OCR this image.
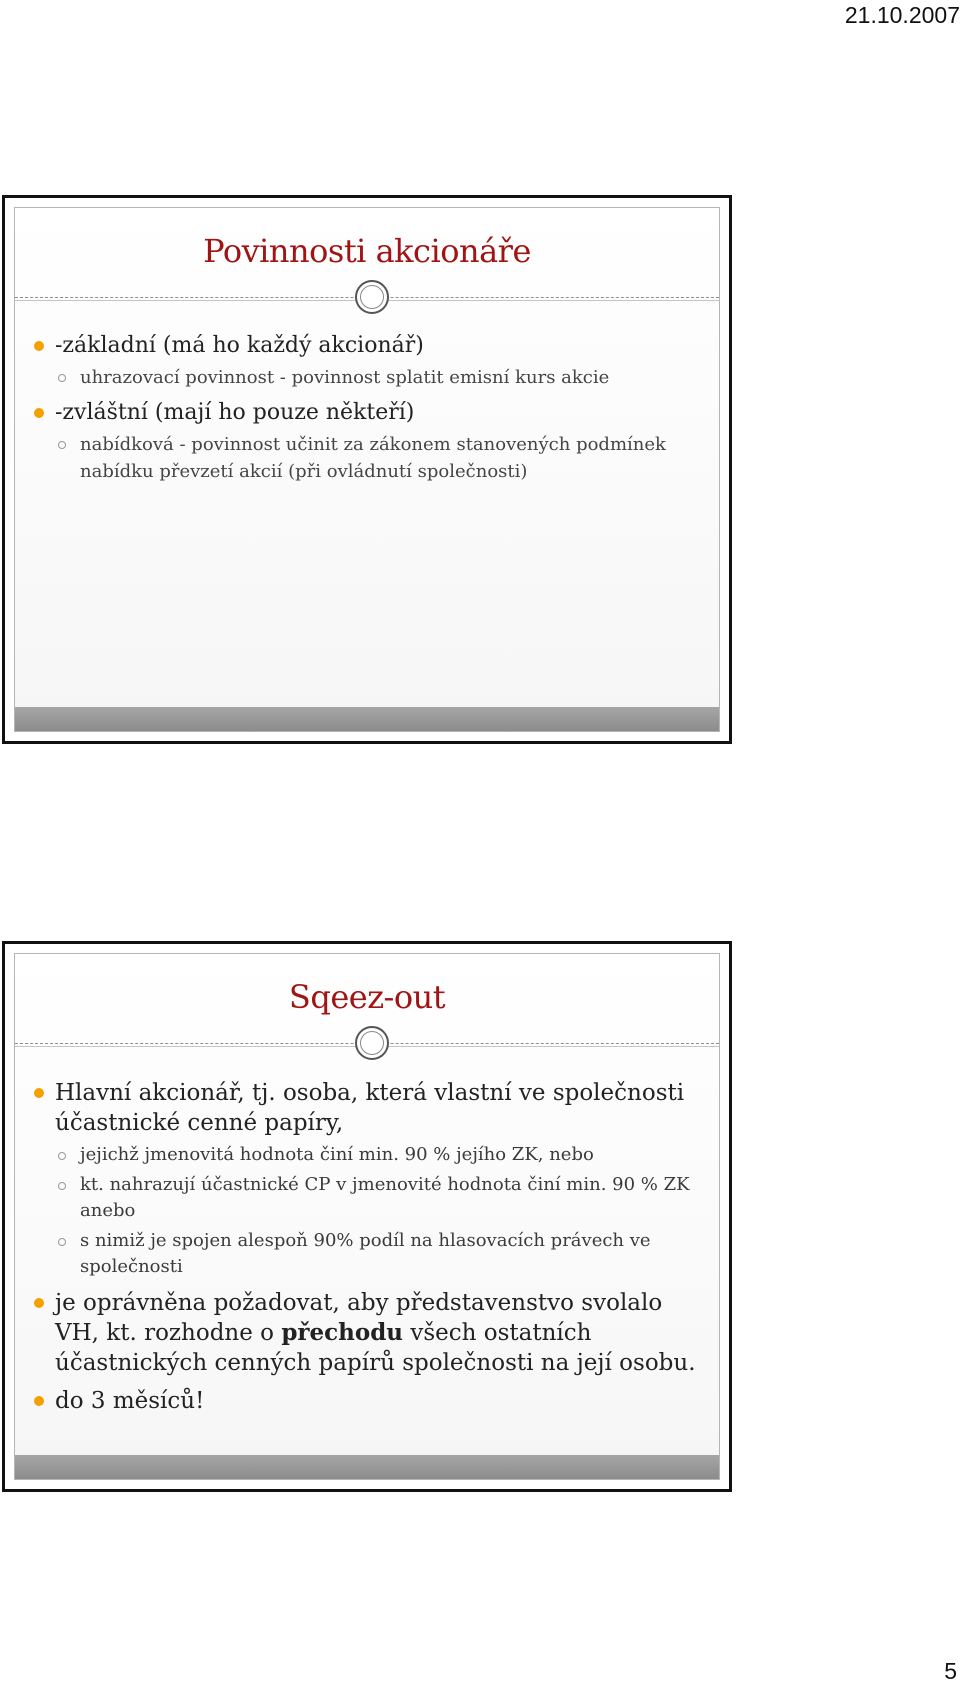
21.10.2007
Povinnosti akcionáře
-základní (má ho každý akcionář)
uhrazovací povinnost - povinnost splatit emisní kurs akcie
-zvláštní (mají ho pouze někteří)
nabídková - povinnost učinit za zákonem stanovených podmínek nabídku převzetí akcií (při ovládnutí společnosti)
Sqeez-out
Hlavní akcionář, tj. osoba, která vlastní ve společnosti účastnické cenné papíry,
jejichž jmenovitá hodnota činí min. 90 % jejího ZK, nebo
kt. nahrazují účastnické CP v jmenovité hodnota činí min. 90 % ZK anebo
s nimiž je spojen alespoň 90% podíl na hlasovacích právech ve společnosti
je oprávněna požadovat, aby představenstvo svolalo VH, kt. rozhodne o přechodu všech ostatních účastnických cenných papírů společnosti na její osobu.
do 3 měsíců!
5
